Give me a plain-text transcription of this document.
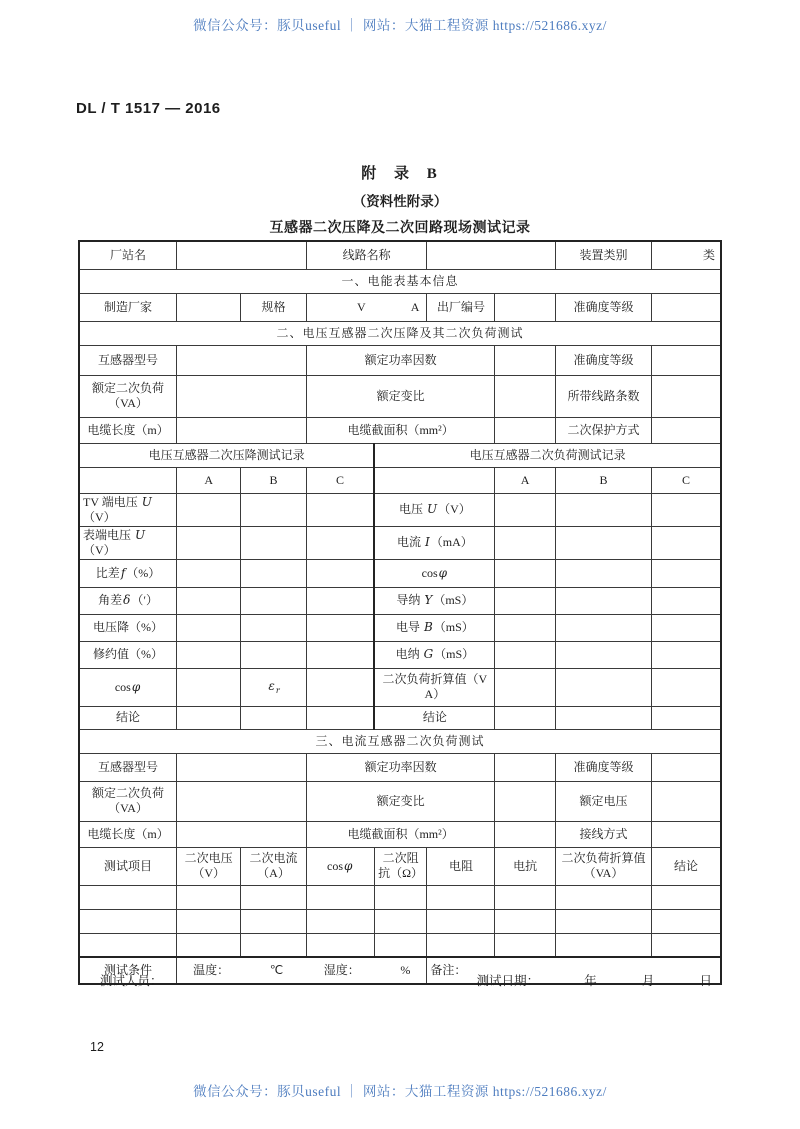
微信公众号：豚贝useful ｜ 网站：大猫工程资源 https://521686.xyz/
DL / T 1517 — 2016
附 录 B
（资料性附录）
互感器二次压降及二次回路现场测试记录
厂站名			线路名称				装置类别	类
一、电能表基本信息								
制造厂家		规格	V A		出厂编号		准确度等级	
二、电压互感器二次压降及其二次负荷测试								
互感器型号			额定功率因数				准确度等级	
额定二次负荷（VA）			额定变比				所带线路条数	
电缆长度（m）			电缆截面积（mm²）				二次保护方式	
电压互感器二次压降测试记录				电压互感器二次负荷测试记录				
	A	B	C			A	B	C
TV 端电压 U（V）				电压 U（V）				
表端电压 U（V）				电流 I（mA）				
比差f（%）				cosφ				
角差δ（′）				导纳 Y（mS）				
电压降（%）				电导 B（mS）				
修约值（%）				电纳 G（mS）				
cosφ		$\varepsilon_r$		二次负荷折算值（VA）				
结论				结论				
三、电流互感器二次负荷测试								
互感器型号			额定功率因数				准确度等级	
额定二次负荷（VA）			额定变比				额定电压	
电缆长度（m）			电缆截面积（mm²）				接线方式	
测试项目	二次电压（V）	二次电流（A）	cosφ	二次阻抗（Ω）	电阻	电抗	二次负荷折算值（VA）	结论

测试条件	温度： ℃ 湿度： %				备注：			
测试人员：	测试日期：	年	月	日
12
微信公众号：豚贝useful ｜ 网站：大猫工程资源 https://521686.xyz/
